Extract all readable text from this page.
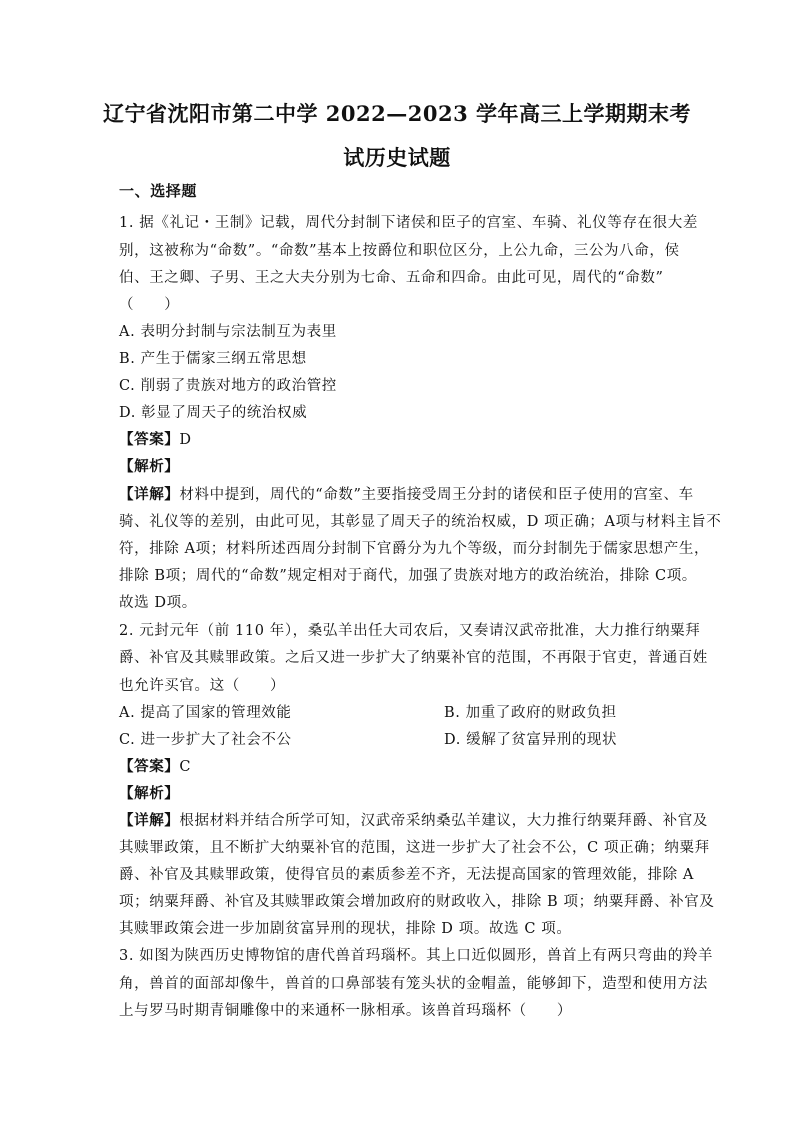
辽宁省沈阳市第二中学 2022—2023 学年高三上学期期末考
试历史试题
一、选择题
1. 据《礼记・王制》记载，周代分封制下诸侯和臣子的宫室、车骑、礼仪等存在很大差
别，这被称为“命数”。“命数”基本上按爵位和职位区分，上公九命，三公为八命，侯
伯、王之卿、子男、王之大夫分别为七命、五命和四命。由此可见，周代的“命数”
（　　）
A. 表明分封制与宗法制互为表里
B. 产生于儒家三纲五常思想
C. 削弱了贵族对地方的政治管控
D. 彰显了周天子的统治权威
【答案】D
【解析】
【详解】材料中提到，周代的“命数”主要指接受周王分封的诸侯和臣子使用的宫室、车
骑、礼仪等的差别，由此可见，其彰显了周天子的统治权威，D 项正确；A项与材料主旨不
符，排除 A项；材料所述西周分封制下官爵分为九个等级，而分封制先于儒家思想产生，
排除 B项；周代的“命数”规定相对于商代，加强了贵族对地方的政治统治，排除 C项。
故选 D项。
2. 元封元年（前 110 年），桑弘羊出任大司农后，又奏请汉武帝批准，大力推行纳粟拜
爵、补官及其赎罪政策。之后又进一步扩大了纳粟补官的范围，不再限于官吏，普通百姓
也允许买官。这（　　）
A. 提高了国家的管理效能	B. 加重了政府的财政负担
C. 进一步扩大了社会不公	D. 缓解了贫富异刑的现状
【答案】C
【解析】
【详解】根据材料并结合所学可知，汉武帝采纳桑弘羊建议，大力推行纳粟拜爵、补官及
其赎罪政策，且不断扩大纳粟补官的范围，这进一步扩大了社会不公，C 项正确；纳粟拜
爵、补官及其赎罪政策，使得官员的素质参差不齐，无法提高国家的管理效能，排除 A
项；纳粟拜爵、补官及其赎罪政策会增加政府的财政收入，排除 B 项；纳粟拜爵、补官及
其赎罪政策会进一步加剧贫富异刑的现状，排除 D 项。故选 C 项。
3. 如图为陕西历史博物馆的唐代兽首玛瑙杯。其上口近似圆形，兽首上有两只弯曲的羚羊
角，兽首的面部却像牛，兽首的口鼻部装有笼头状的金帽盖，能够卸下，造型和使用方法
上与罗马时期青铜雕像中的来通杯一脉相承。该兽首玛瑙杯（　　）
